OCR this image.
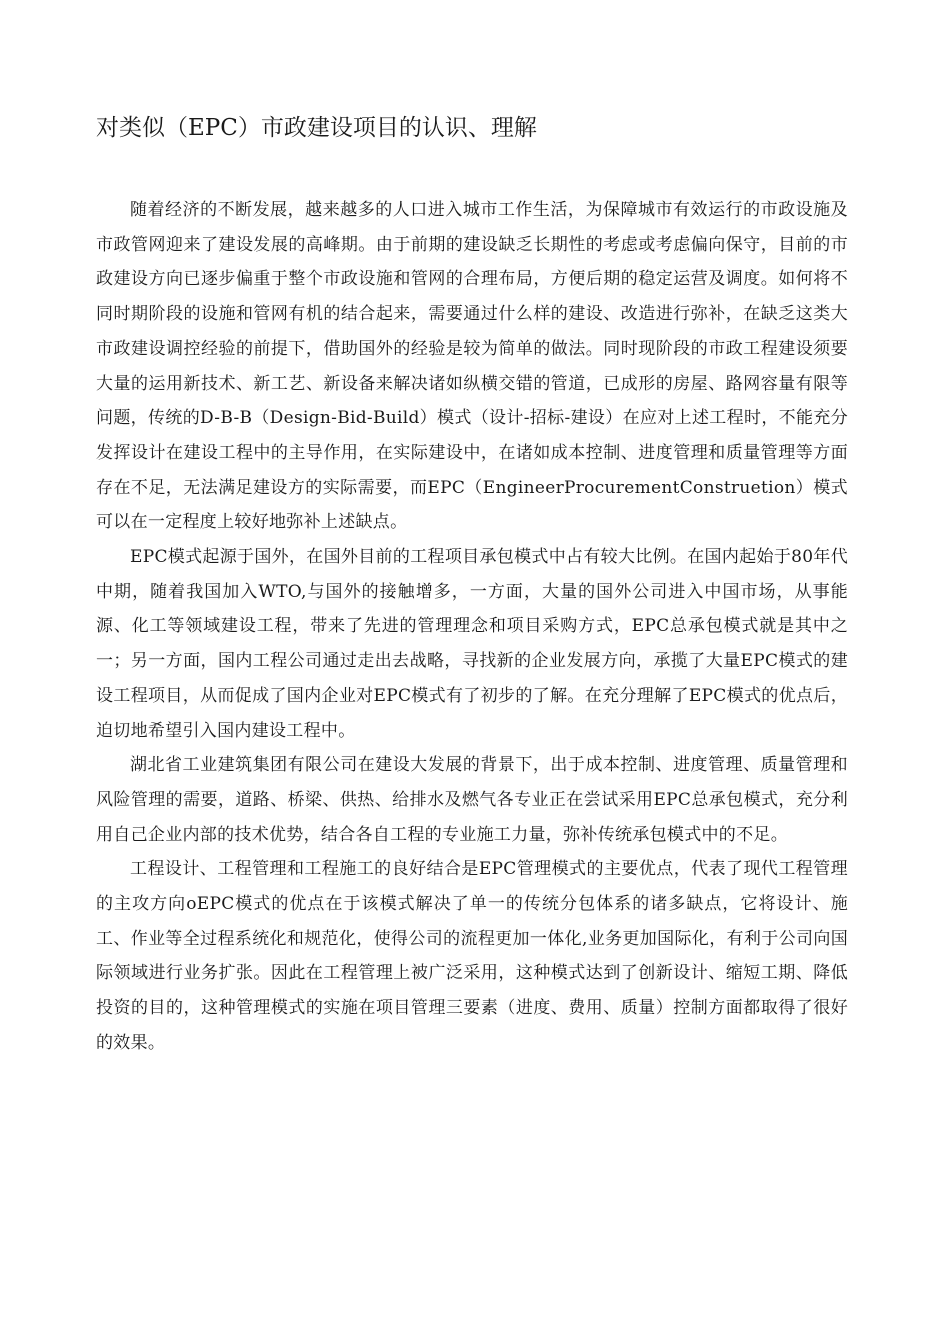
对类似（EPC）市政建设项目的认识、理解

随着经济的不断发展，越来越多的人口进入城市工作生活，为保障城市有效运行的市政设施及市政管网迎来了建设发展的高峰期。由于前期的建设缺乏长期性的考虑或考虑偏向保守，目前的市政建设方向已逐步偏重于整个市政设施和管网的合理布局，方便后期的稳定运营及调度。如何将不同时期阶段的设施和管网有机的结合起来，需要通过什么样的建设、改造进行弥补，在缺乏这类大市政建设调控经验的前提下，借助国外的经验是较为简单的做法。同时现阶段的市政工程建设须要大量的运用新技术、新工艺、新设备来解决诸如纵横交错的管道，已成形的房屋、路网容量有限等问题，传统的D-B-B（Design-Bid-Build）模式（设计-招标-建设）在应对上述工程时，不能充分发挥设计在建设工程中的主导作用，在实际建设中，在诸如成本控制、进度管理和质量管理等方面存在不足，无法满足建设方的实际需要，而EPC（EngineerProcurementConstruetion）模式可以在一定程度上较好地弥补上述缺点。

EPC模式起源于国外，在国外目前的工程项目承包模式中占有较大比例。在国内起始于80年代中期，随着我国加入WTO,与国外的接触增多，一方面，大量的国外公司进入中国市场，从事能源、化工等领域建设工程，带来了先进的管理理念和项目采购方式，EPC总承包模式就是其中之一；另一方面，国内工程公司通过走出去战略，寻找新的企业发展方向，承揽了大量EPC模式的建设工程项目，从而促成了国内企业对EPC模式有了初步的了解。在充分理解了EPC模式的优点后，迫切地希望引入国内建设工程中。

湖北省工业建筑集团有限公司在建设大发展的背景下，出于成本控制、进度管理、质量管理和风险管理的需要，道路、桥梁、供热、给排水及燃气各专业正在尝试采用EPC总承包模式，充分利用自己企业内部的技术优势，结合各自工程的专业施工力量，弥补传统承包模式中的不足。

工程设计、工程管理和工程施工的良好结合是EPC管理模式的主要优点，代表了现代工程管理的主攻方向oEPC模式的优点在于该模式解决了单一的传统分包体系的诸多缺点，它将设计、施工、作业等全过程系统化和规范化，使得公司的流程更加一体化,业务更加国际化，有利于公司向国际领域进行业务扩张。因此在工程管理上被广泛采用，这种模式达到了创新设计、缩短工期、降低投资的目的，这种管理模式的实施在项目管理三要素（进度、费用、质量）控制方面都取得了很好的效果。
